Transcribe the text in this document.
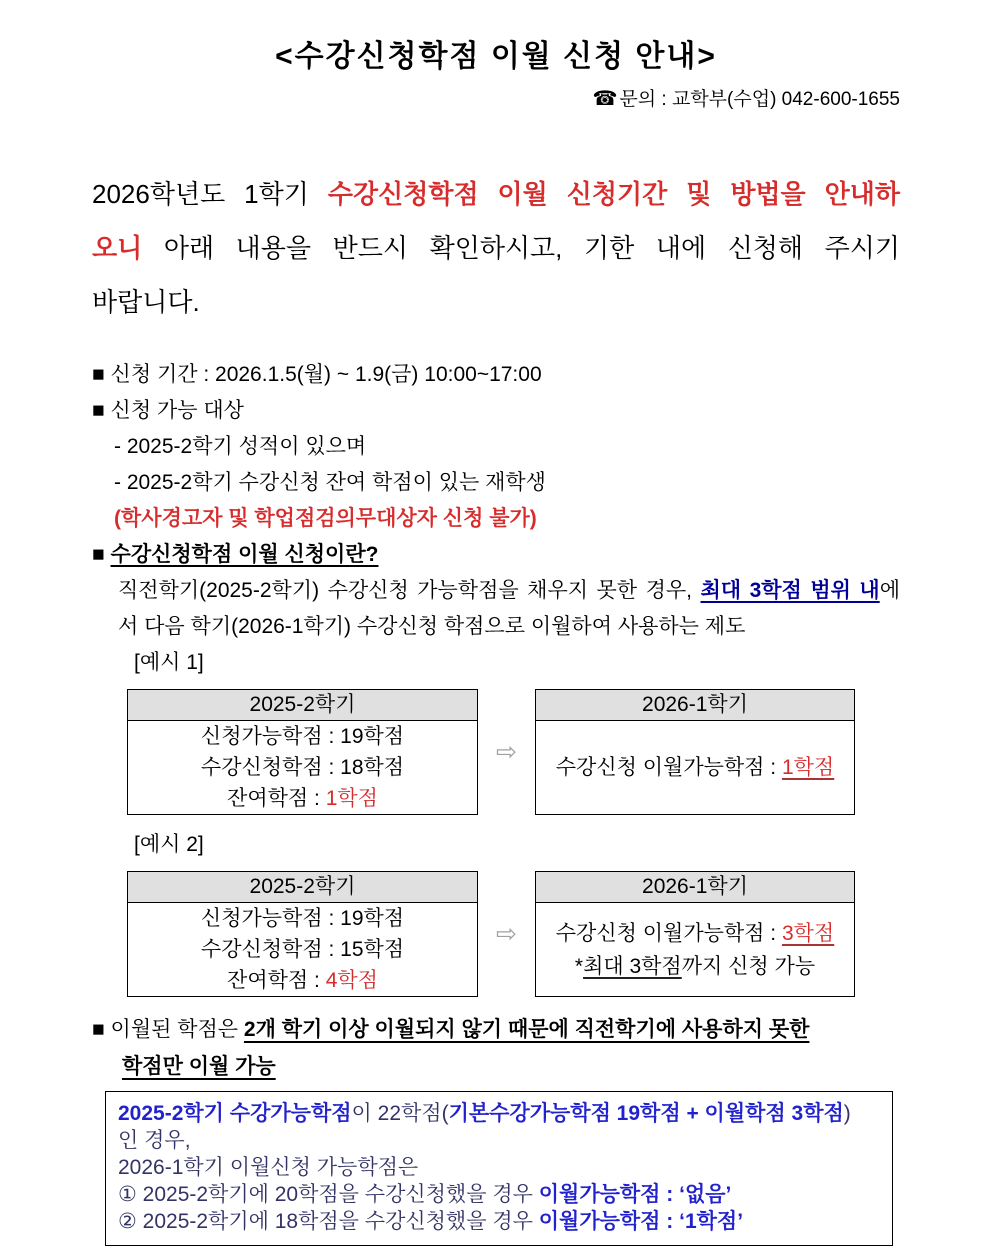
<수강신청학점 이월 신청 안내>
☎ 문의 : 교학부(수업) 042-600-1655
2026학년도 1학기 수강신청학점 이월 신청기간 및 방법을 안내하
오니 아래 내용을 반드시 확인하시고, 기한 내에 신청해 주시기
바랍니다.
■ 신청 기간 : 2026.1.5(월) ~ 1.9(금) 10:00~17:00
■ 신청 가능 대상
- 2025-2학기 성적이 있으며
- 2025-2학기 수강신청 잔여 학점이 있는 재학생
(학사경고자 및 학업점검의무대상자 신청 불가)
■ 수강신청학점 이월 신청이란?
직전학기(2025-2학기) 수강신청 가능학점을 채우지 못한 경우, 최대 3학점 범위 내에
서 다음 학기(2026-1학기) 수강신청 학점으로 이월하여 사용하는 제도
[예시 1]
2025-2학기
신청가능학점 : 19학점
수강신청학점 : 18학점
잔여학점 : 1학점
⇨
2026-1학기
수강신청 이월가능학점 : 1학점
[예시 2]
2025-2학기
신청가능학점 : 19학점
수강신청학점 : 15학점
잔여학점 : 4학점
⇨
2026-1학기
수강신청 이월가능학점 : 3학점
*최대 3학점까지 신청 가능
■ 이월된 학점은 2개 학기 이상 이월되지 않기 때문에 직전학기에 사용하지 못한
학점만 이월 가능
2025-2학기 수강가능학점이 22학점(기본수강가능학점 19학점 + 이월학점 3학점)
인 경우,
2026-1학기 이월신청 가능학점은
① 2025-2학기에 20학점을 수강신청했을 경우 이월가능학점 : ‘없음’
② 2025-2학기에 18학점을 수강신청했을 경우 이월가능학점 : ‘1학점’
